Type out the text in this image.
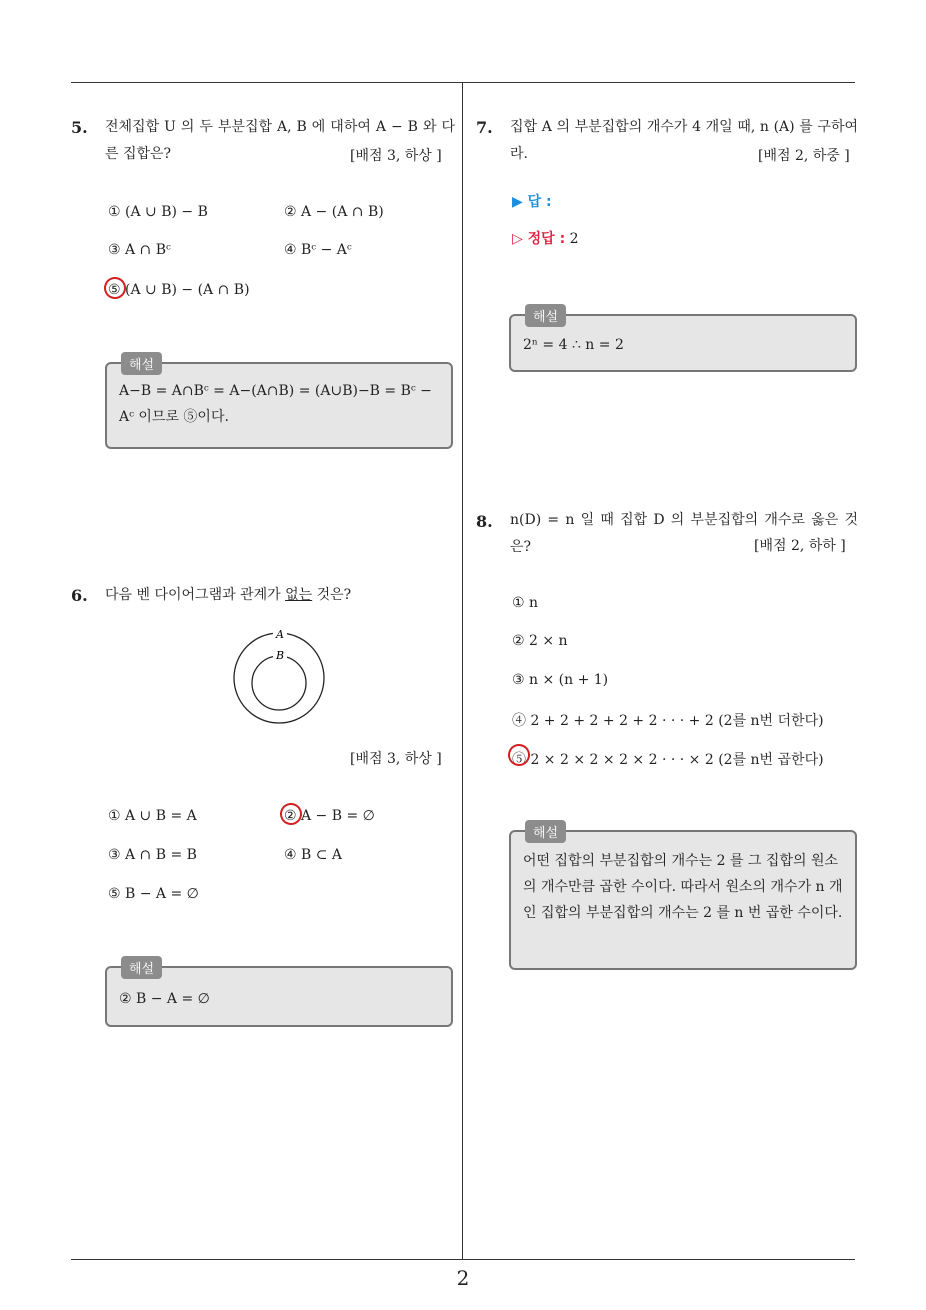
5. 전체집합 U 의 두 부분집합 A, B 에 대하여 A − B 와 다른 집합은?	[배점 3, 하상 ]
① (A ∪ B) − B	② A − (A ∩ B)
③ A ∩ Bᶜ	④ Bᶜ − Aᶜ
⑤ (A ∪ B) − (A ∩ B)
해설
A−B = A∩Bᶜ = A−(A∩B) = (A∪B)−B = Bᶜ − Aᶜ 이므로 ⑤이다.
6. 다음 벤 다이어그램과 관계가 없는 것은?
A
B
[배점 3, 하상 ]
① A ∪ B = A	② A − B = ∅
③ A ∩ B = B	④ B ⊂ A
⑤ B − A = ∅
해설
② B − A = ∅
7. 집합 A 의 부분집합의 개수가 4 개일 때, n (A) 를 구하여라.	[배점 2, 하중 ]
▶ 답 :
▷ 정답 : 2
해설
2ⁿ = 4 ∴ n = 2
8. n(D) = n 일 때 집합 D 의 부분집합의 개수로 옳은 것은?	[배점 2, 하하 ]
① n
② 2 × n
③ n × (n + 1)
④ 2 + 2 + 2 + 2 + 2 · · · + 2 (2를 n번 더한다)
⑤ 2 × 2 × 2 × 2 × 2 · · · × 2 (2를 n번 곱한다)
해설
어떤 집합의 부분집합의 개수는 2 를 그 집합의 원소의 개수만큼 곱한 수이다. 따라서 원소의 개수가 n 개인 집합의 부분집합의 개수는 2 를 n 번 곱한 수이다.
2
